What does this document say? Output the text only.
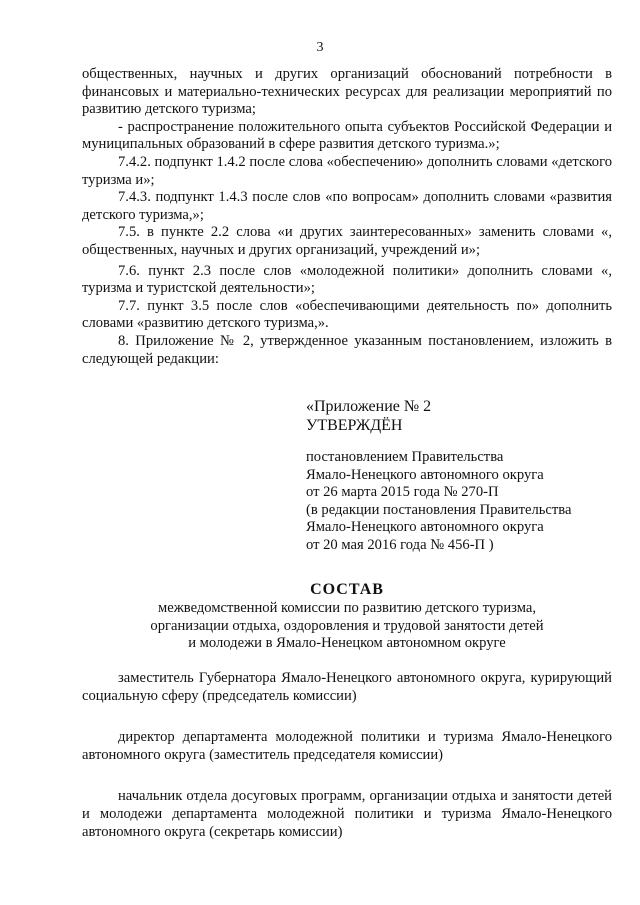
3

общественных, научных и других организаций обоснований потребности в финансовых и материально-технических ресурсах для реализации мероприятий по развитию детского туризма;

- распространение положительного опыта субъектов Российской Федерации и муниципальных образований в сфере развития детского туризма.»;

7.4.2. подпункт 1.4.2 после слова «обеспечению» дополнить словами «детского туризма и»;

7.4.3. подпункт 1.4.3 после слов «по вопросам» дополнить словами «развития детского туризма,»;

7.5. в пункте 2.2 слова «и других заинтересованных» заменить словами «, общественных, научных и других организаций, учреждений и»;

7.6. пункт 2.3 после слов «молодежной политики» дополнить словами «, туризма и туристской деятельности»;

7.7. пункт 3.5 после слов «обеспечивающими деятельность по» дополнить словами «развитию детского туризма,».

8. Приложение № 2, утвержденное указанным постановлением, изложить в следующей редакции:

«Приложение № 2
УТВЕРЖДЁН
постановлением Правительства
Ямало-Ненецкого автономного округа
от 26 марта 2015 года № 270-П
(в редакции постановления Правительства
Ямало-Ненецкого автономного округа
от 20 мая 2016 года № 456-П )
СОСТАВ
межведомственной комиссии по развитию детского туризма,
организации отдыха, оздоровления и трудовой занятости детей
и молодежи в Ямало-Ненецком автономном округе

заместитель Губернатора Ямало-Ненецкого автономного округа, курирующий социальную сферу (председатель комиссии)

директор департамента молодежной политики и туризма Ямало-Ненецкого автономного округа (заместитель председателя комиссии)

начальник отдела досуговых программ, организации отдыха и занятости детей и молодежи департамента молодежной политики и туризма Ямало-Ненецкого автономного округа (секретарь комиссии)
